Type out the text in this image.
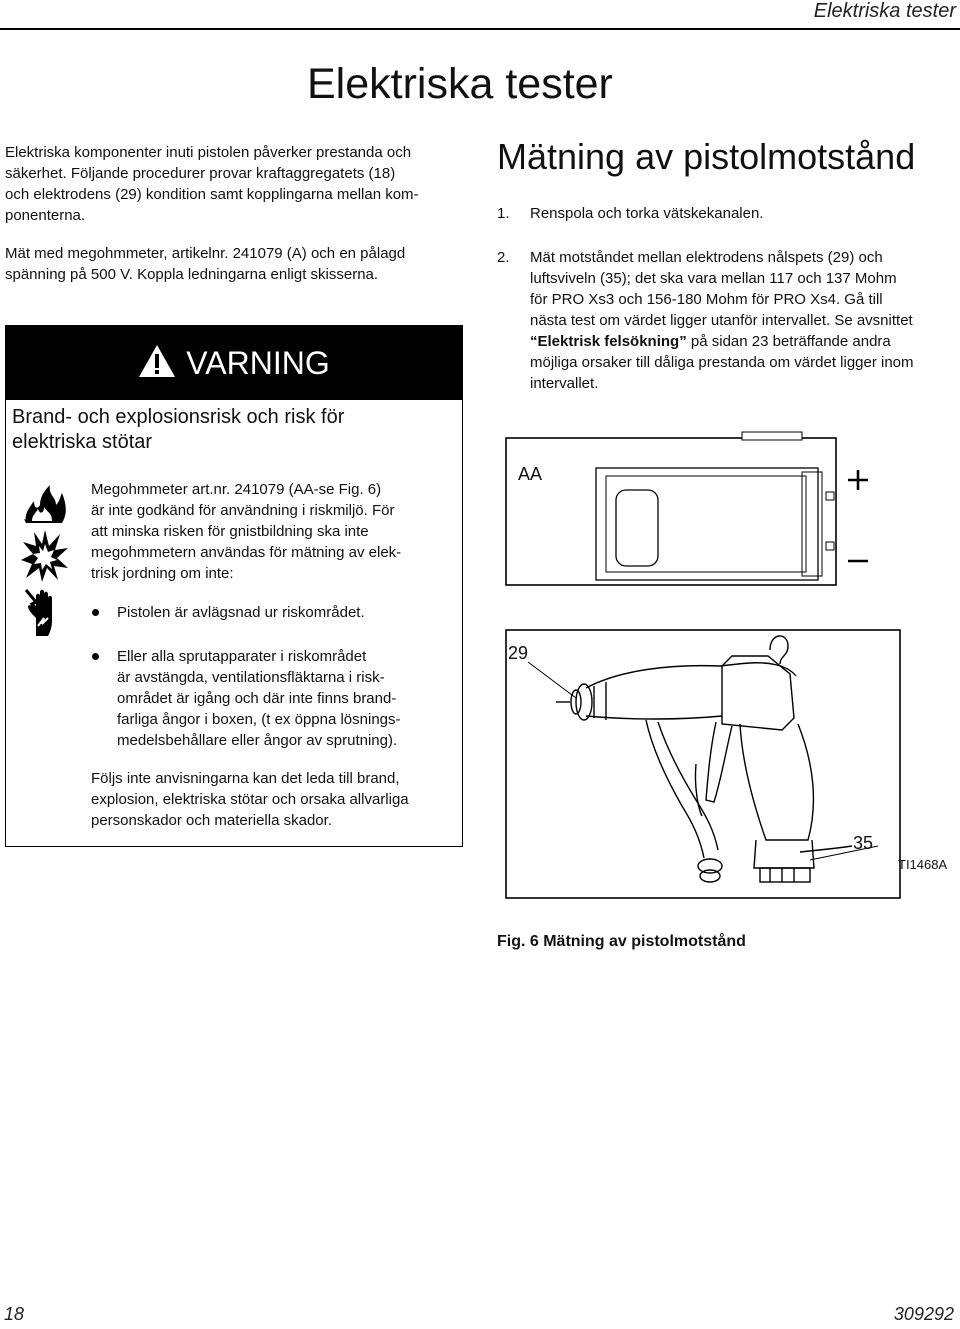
Elektriska tester
Elektriska tester
Elektriska komponenter inuti pistolen påverker prestanda och
säkerhet. Följande procedurer provar kraftaggregatets (18)
och elektrodens (29) kondition samt kopplingarna mellan kom-
ponenterna.
Mät med megohmmeter, artikelnr. 241079 (A) och en pålagd
spänning på 500 V. Koppla ledningarna enligt skisserna.
VARNING
Brand- och explosionsrisk och risk för
elektriska stötar
Megohmmeter art.nr. 241079 (AA-se Fig. 6)
är inte godkänd för användning i riskmiljö. För
att minska risken för gnistbildning ska inte
megohmmetern användas för mätning av elek-
trisk jordning om inte:
Pistolen är avlägsnad ur riskområdet.
Eller alla sprutapparater i riskområdet
är avstängda, ventilationsfläktarna i risk-
området är igång och där inte finns brand-
farliga ångor i boxen, (t ex öppna lösnings-
medelsbehållare eller ångor av sprutning).
Följs inte anvisningarna kan det leda till brand,
explosion, elektriska stötar och orsaka allvarliga
personskador och materiella skador.
Mätning av pistolmotstånd
1. Renspola och torka vätskekanalen.
2. Mät motståndet mellan elektrodens nålspets (29) och
luftsviveln (35); det ska vara mellan 117 och 137 Mohm
för PRO Xs3 och 156-180 Mohm för PRO Xs4. Gå till
nästa test om värdet ligger utanför intervallet. Se avsnittet
“Elektrisk felsökning” på sidan 23 beträffande andra
möjliga orsaker till dåliga prestanda om värdet ligger inom
intervallet.
AA
29
35
TI1468A
Fig. 6 Mätning av pistolmotstånd
18	309292
